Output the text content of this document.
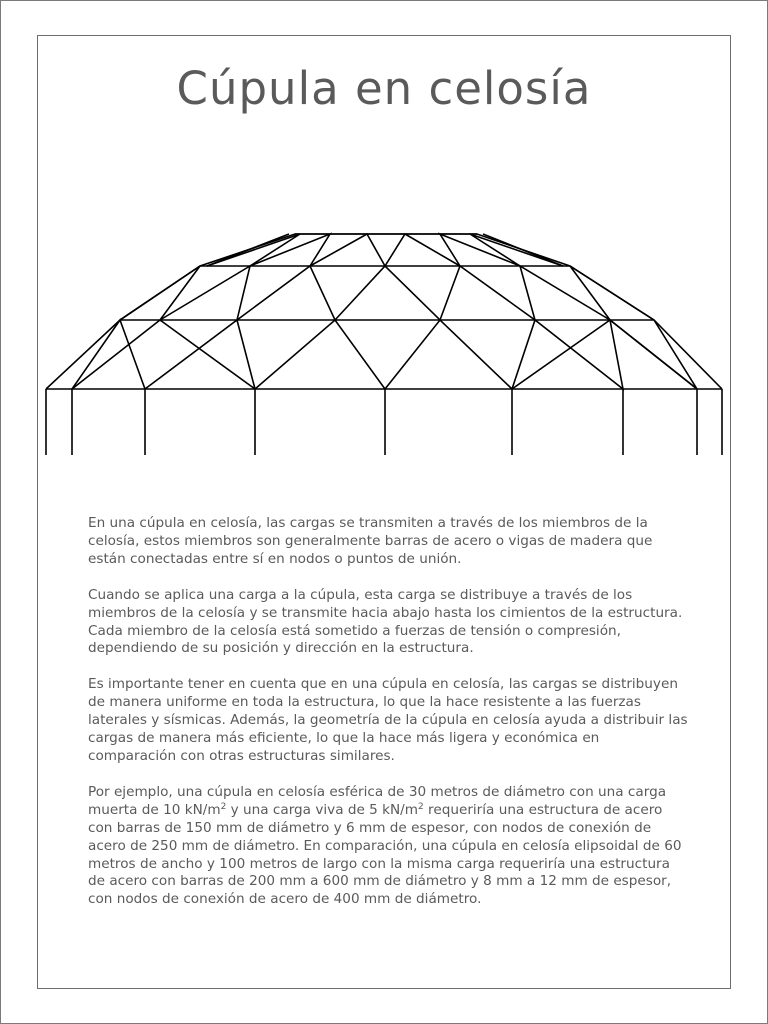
Cúpula en celosía

En una cúpula en celosía, las cargas se transmiten a través de los miembros de la celosía, estos miembros son generalmente barras de acero o vigas de madera que están conectadas entre sí en nodos o puntos de unión.

Cuando se aplica una carga a la cúpula, esta carga se distribuye a través de los miembros de la celosía y se transmite hacia abajo hasta los cimientos de la estructura. Cada miembro de la celosía está sometido a fuerzas de tensión o compresión, dependiendo de su posición y dirección en la estructura.

Es importante tener en cuenta que en una cúpula en celosía, las cargas se distribuyen de manera uniforme en toda la estructura, lo que la hace resistente a las fuerzas laterales y sísmicas. Además, la geometría de la cúpula en celosía ayuda a distribuir las cargas de manera más eficiente, lo que la hace más ligera y económica en comparación con otras estructuras similares.

Por ejemplo, una cúpula en celosía esférica de 30 metros de diámetro con una carga muerta de 10 $kN/m^2$ y una carga viva de 5 $kN/m^2$ requeriría una estructura de acero con barras de 150 mm de diámetro y 6 mm de espesor, con nodos de conexión de acero de 250 mm de diámetro. En comparación, una cúpula en celosía elipsoidal de 60 metros de ancho y 100 metros de largo con la misma carga requeriría una estructura de acero con barras de 200 mm a 600 mm de diámetro y 8 mm a 12 mm de espesor, con nodos de conexión de acero de 400 mm de diámetro.
